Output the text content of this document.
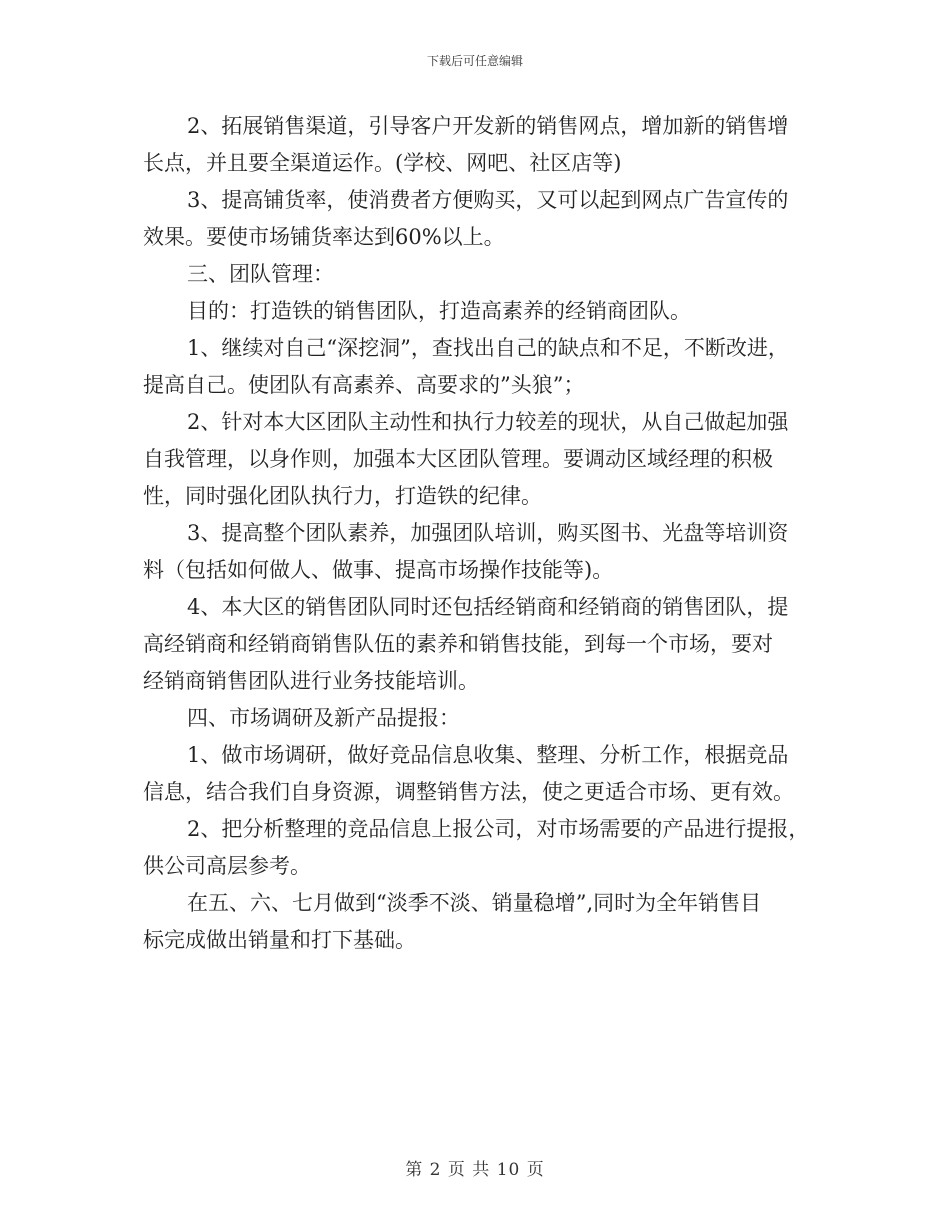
下载后可任意编辑
2、拓展销售渠道，引导客户开发新的销售网点，增加新的销售增
长点，并且要全渠道运作。(学校、网吧、社区店等)
3、提高铺货率，使消费者方便购买，又可以起到网点广告宣传的
效果。要使市场铺货率达到60%以上。
三、团队管理：
目的：打造铁的销售团队，打造高素养的经销商团队。
1、继续对自己“深挖洞”，查找出自己的缺点和不足，不断改进，
提高自己。使团队有高素养、高要求的”头狼”；
2、针对本大区团队主动性和执行力较差的现状，从自己做起加强
自我管理，以身作则，加强本大区团队管理。要调动区域经理的积极
性，同时强化团队执行力，打造铁的纪律。
3、提高整个团队素养，加强团队培训，购买图书、光盘等培训资
料（包括如何做人、做事、提高市场操作技能等)。
4、本大区的销售团队同时还包括经销商和经销商的销售团队，提
高经销商和经销商销售队伍的素养和销售技能，到每一个市场，要对
经销商销售团队进行业务技能培训。
四、市场调研及新产品提报：
1、做市场调研，做好竞品信息收集、整理、分析工作，根据竞品
信息，结合我们自身资源，调整销售方法，使之更适合市场、更有效。
2、把分析整理的竞品信息上报公司，对市场需要的产品进行提报，
供公司高层参考。
在五、六、七月做到“淡季不淡、销量稳增”,同时为全年销售目
标完成做出销量和打下基础。
第 2 页 共 10 页
